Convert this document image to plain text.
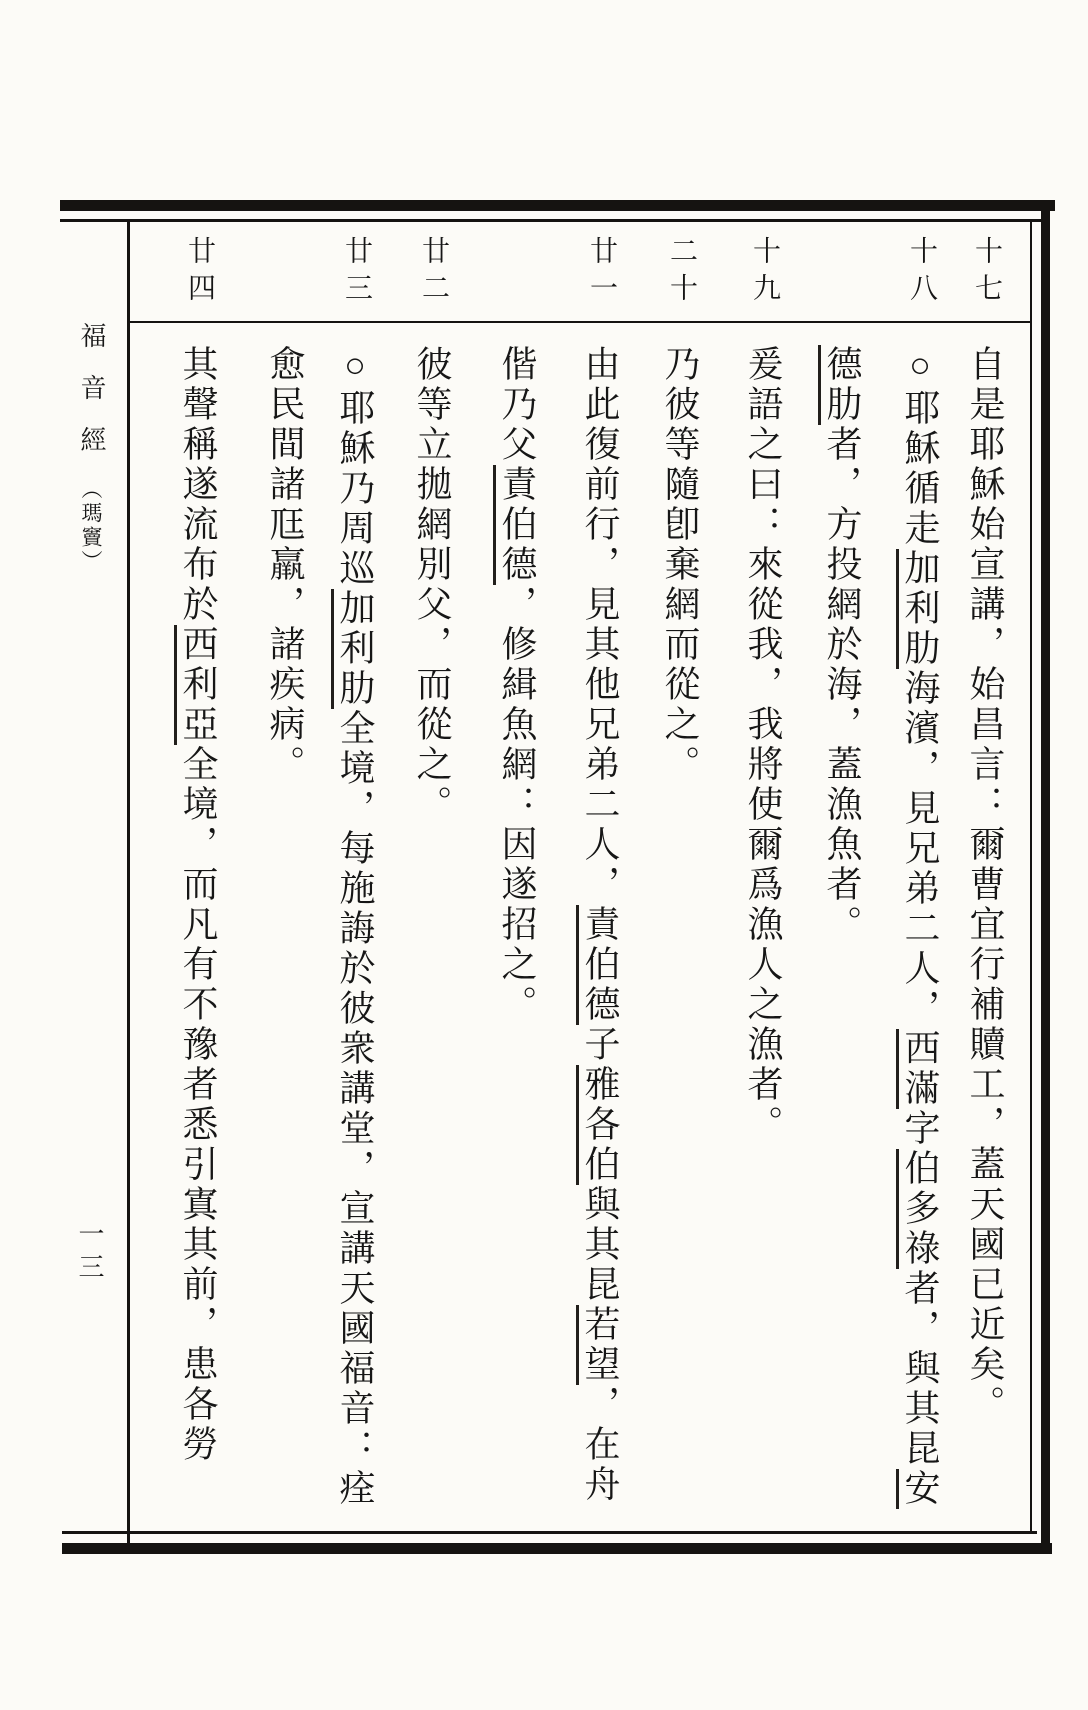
十七
十八
十九
二十
廿一
廿二
廿三
廿四
自是耶穌始宣講，始昌言：爾曹宜行補贖工，蓋天國已近矣。
○耶穌循走加利肋海濱，見兄弟二人，西滿字伯多祿者，與其昆安
德肋者，方投網於海，蓋漁魚者。
爰語之曰：來從我，我將使爾爲漁人之漁者。
乃彼等隨卽棄網而從之。
由此復前行，見其他兄弟二人，責伯德子雅各伯與其昆若望，在舟
偕乃父責伯德，修緝魚網：因遂招之。
彼等立拋網別父，而從之。
○耶穌乃周巡加利肋全境，每施誨於彼衆講堂，宣講天國福音：痊
愈民間諸尫羸，諸疾病。
其聲稱遂流布於西利亞全境，而凡有不豫者悉引寘其前，患各勞
福音經（瑪竇）
一三
